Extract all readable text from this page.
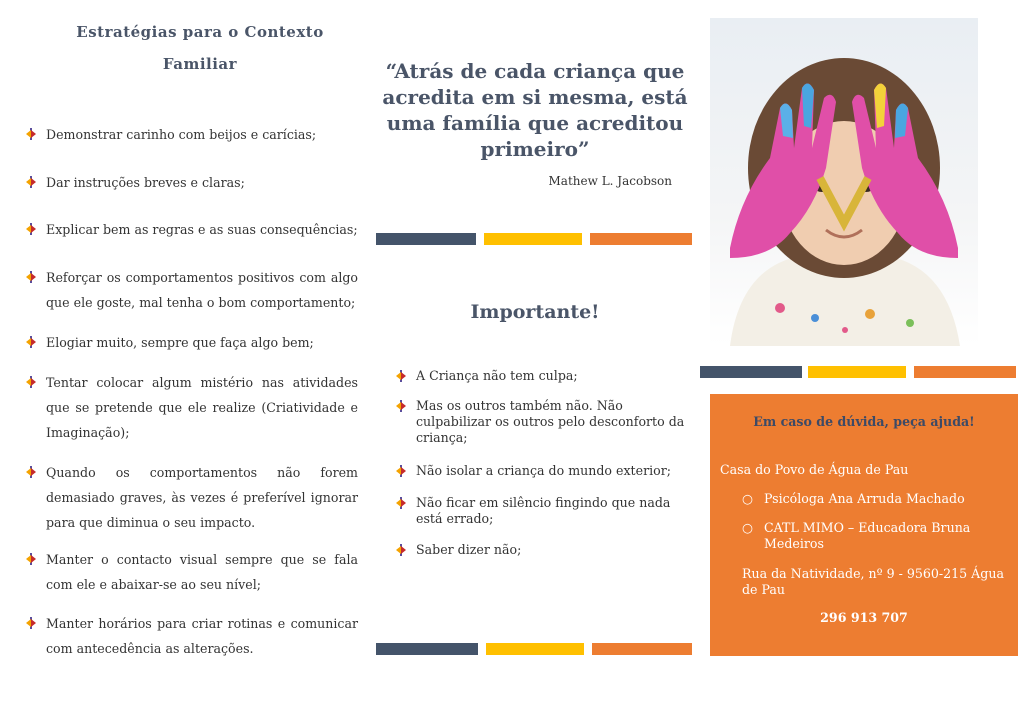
Estratégias para o Contexto
Familiar
Demonstrar carinho com beijos e carícias;
Dar instruções breves e claras;
Explicar bem as regras e as suas consequências;
Reforçar os comportamentos positivos com algo que ele goste, mal tenha o bom comportamento;
Elogiar muito, sempre que faça algo bem;
Tentar colocar algum mistério nas atividades que se pretende que ele realize (Criatividade e Imaginação);
Quando os comportamentos não forem demasiado graves, às vezes é preferível ignorar para que diminua o seu impacto.
Manter o contacto visual sempre que se fala com ele e abaixar-se ao seu nível;
Manter horários para criar rotinas e comunicar com antecedência as alterações.
“Atrás de cada criança que acredita em si mesma, está uma família que acreditou primeiro”
Mathew L. Jacobson
Importante!
A Criança não tem culpa;
Mas os outros também não. Não culpabilizar os outros pelo desconforto da criança;
Não isolar a criança do mundo exterior;
Não ficar em silêncio fingindo que nada está errado;
Saber dizer não;
Em caso de dúvida, peça ajuda!
Casa do Povo de Água de Pau
○ Psicóloga Ana Arruda Machado
○ CATL MIMO – Educadora Bruna Medeiros
Rua da Natividade, nº 9 - 9560-215 Água de Pau
296 913 707
